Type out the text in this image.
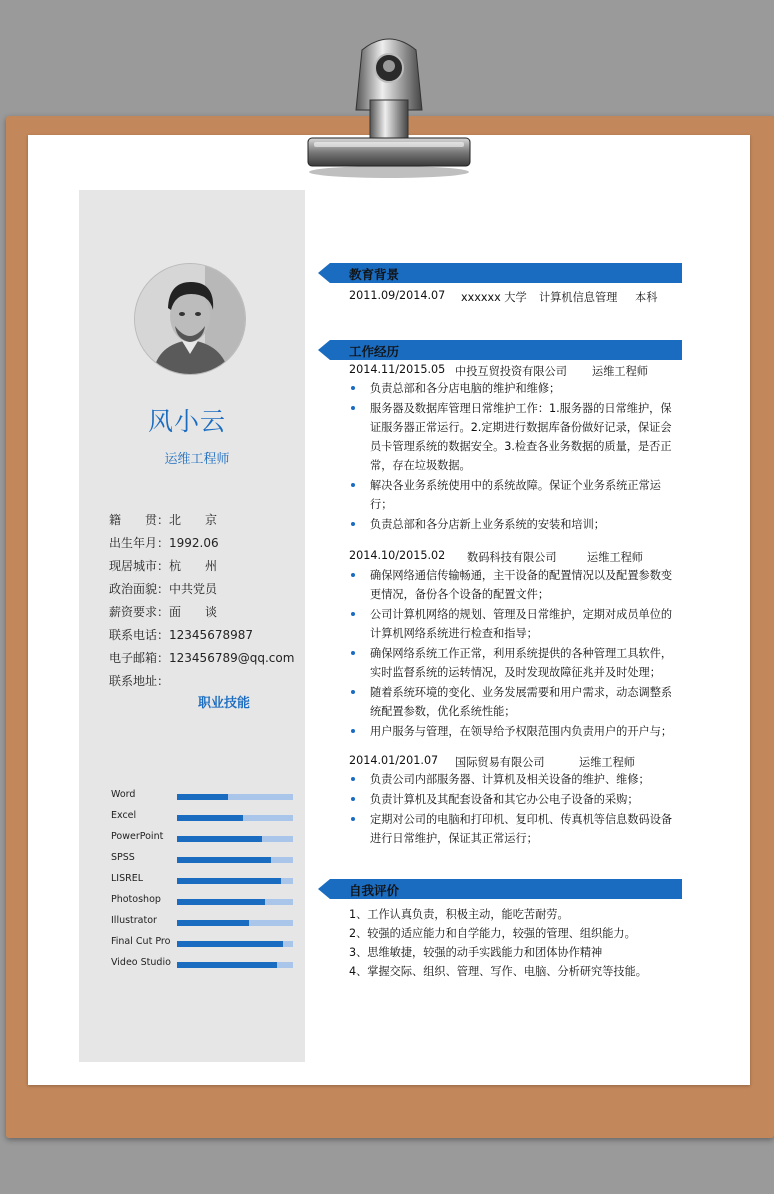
风小云
运维工程师
籍　　贯：北　　京
出生年月：1992.06
现居城市：杭　　州
政治面貌：中共党员
薪资要求：面　　谈
联系电话：12345678987
电子邮箱：123456789@qq.com
联系地址：
职业技能
Word
Excel
PowerPoint
SPSS
LISREL
Photoshop
Illustrator
Final Cut Pro
Video Studio
教育背景
2011.09/2014.07 xxxxxx 大学 计算机信息管理 本科
工作经历
2014.11/2015.05 中投互贸投资有限公司 运维工程师
负责总部和各分店电脑的维护和维修；
服务器及数据库管理日常维护工作：1.服务器的日常维护，保证服务器正常运行。2.定期进行数据库备份做好记录，保证会员卡管理系统的数据安全。3.检查各业务数据的质量，是否正常，存在垃圾数据。
解决各业务系统使用中的系统故障。保证个业务系统正常运行；
负责总部和各分店新上业务系统的安装和培训；
2014.10/2015.02 数码科技有限公司	运维工程师
确保网络通信传输畅通，主干设备的配置情况以及配置参数变更情况，备份各个设备的配置文件；
公司计算机网络的规划、管理及日常维护，定期对成员单位的计算机网络系统进行检查和指导；
确保网络系统工作正常，利用系统提供的各种管理工具软件，实时监督系统的运转情况，及时发现故障征兆并及时处理；
随着系统环境的变化、业务发展需要和用户需求，动态调整系统配置参数，优化系统性能；
用户服务与管理，在领导给予权限范围内负责用户的开户与；
2014.01/201.07 国际贸易有限公司	运维工程师
负责公司内部服务器、计算机及相关设备的维护、维修；
负责计算机及其配套设备和其它办公电子设备的采购；
定期对公司的电脑和打印机、复印机、传真机等信息数码设备进行日常维护，保证其正常运行；
自我评价
1、工作认真负责，积极主动，能吃苦耐劳。
2、较强的适应能力和自学能力，较强的管理、组织能力。
3、思维敏捷，较强的动手实践能力和团体协作精神
4、掌握交际、组织、管理、写作、电脑、分析研究等技能。
